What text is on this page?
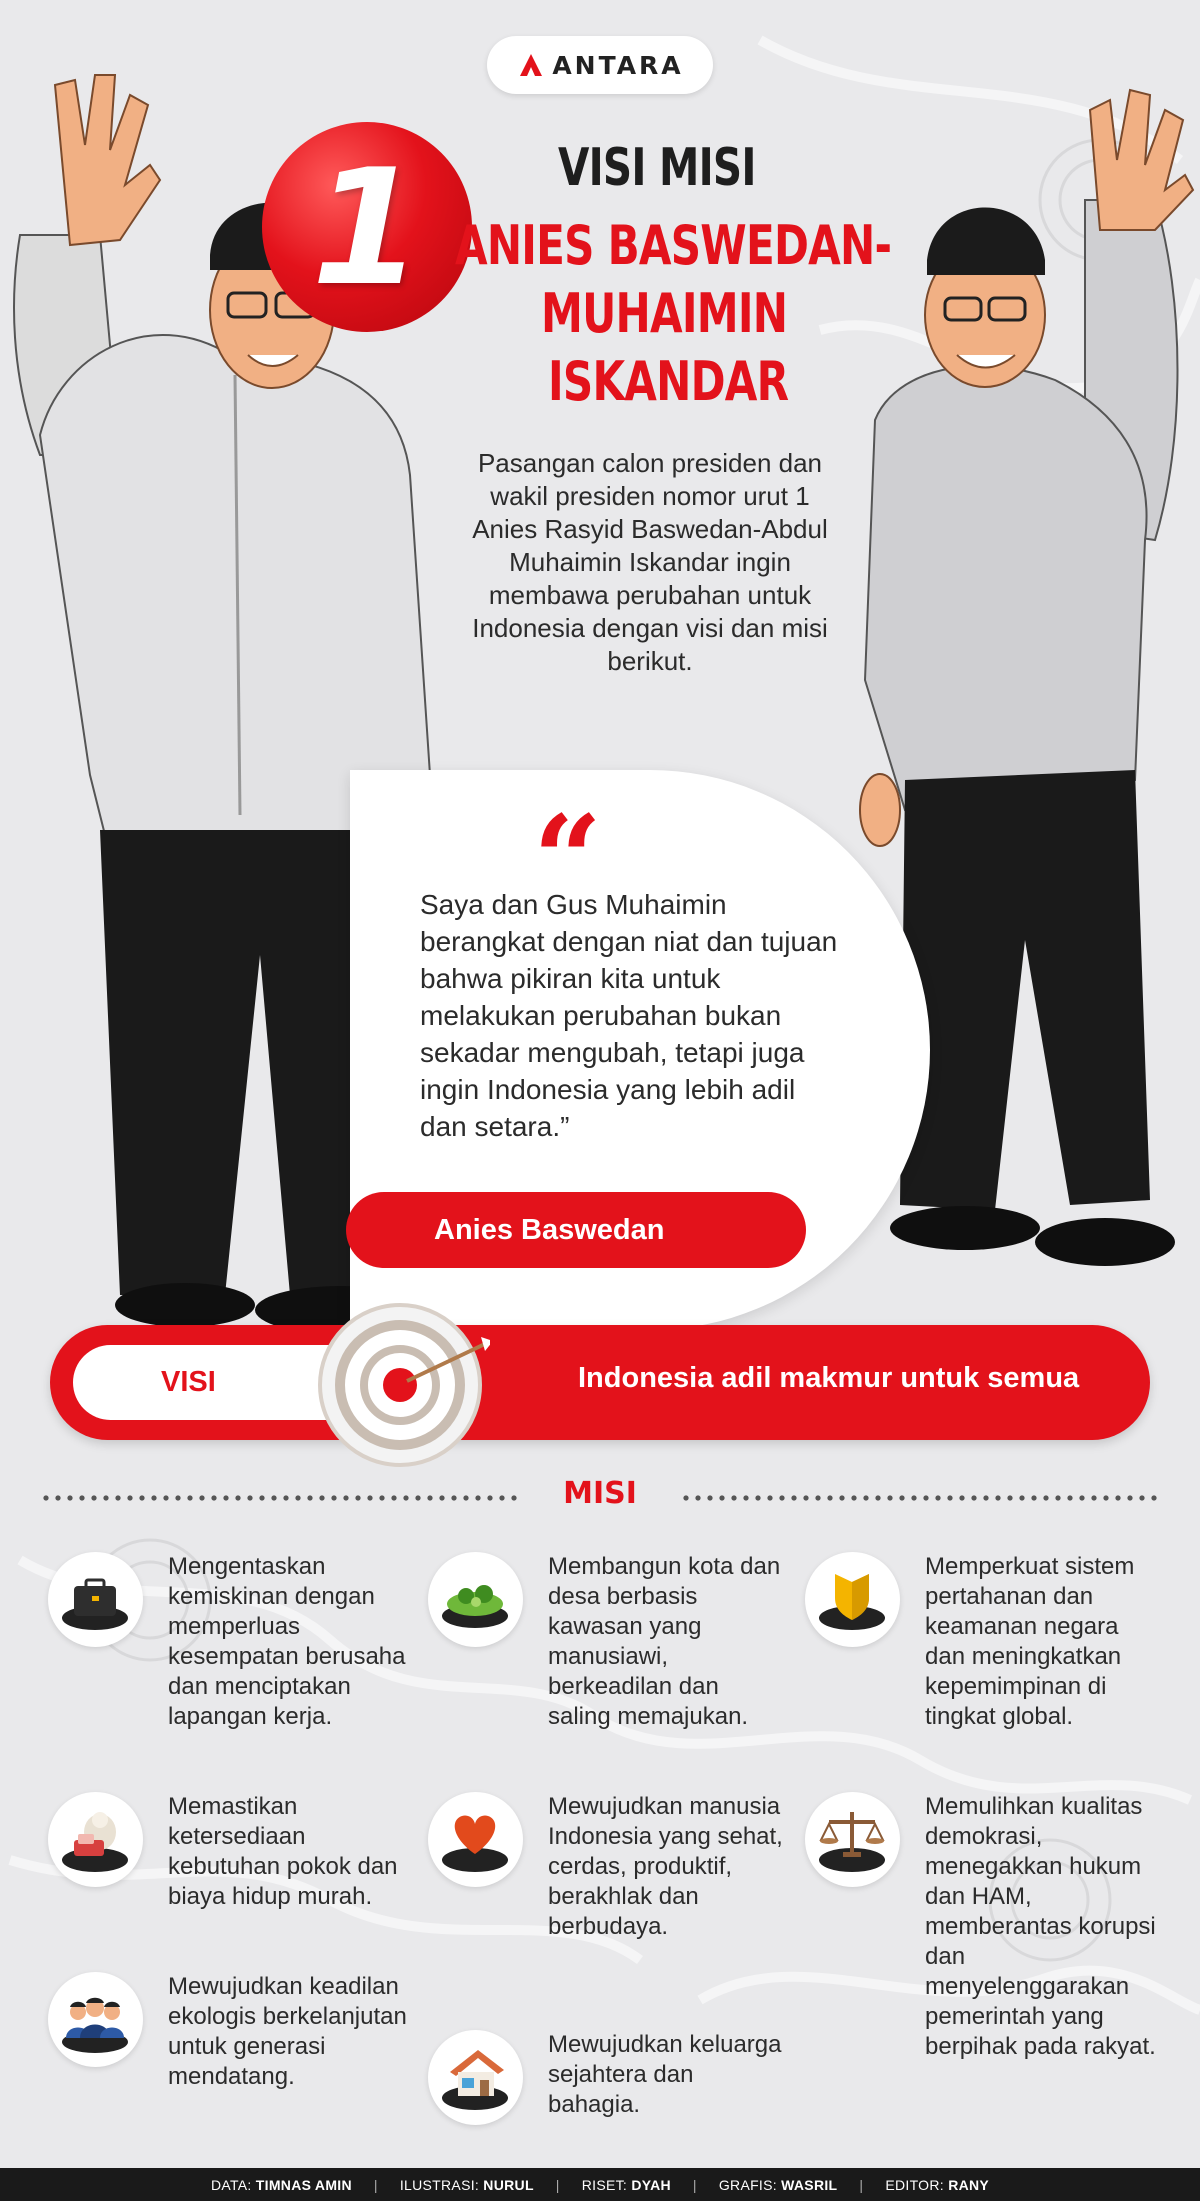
ANTARA
1	VISI MISI
ANIES BASWEDAN-
MUHAIMIN
ISKANDAR

Pasangan calon presiden dan wakil presiden nomor urut 1 Anies Rasyid Baswedan-Abdul Muhaimin Iskandar ingin membawa perubahan untuk Indonesia dengan visi dan misi berikut.

“

Saya dan Gus Muhaimin berangkat dengan niat dan tujuan bahwa pikiran kita untuk melakukan perubahan bukan sekadar mengubah, tetapi juga ingin Indonesia yang lebih adil dan setara.”

Anies Baswedan
VISI	Indonesia adil makmur untuk semua
MISI

Mengentaskan kemiskinan dengan memperluas kesempatan berusaha dan menciptakan lapangan kerja.

Membangun kota dan desa berbasis kawasan yang manusiawi, berkeadilan dan saling memajukan.

Memperkuat sistem pertahanan dan keamanan negara dan meningkatkan kepemimpinan di tingkat global.

Memastikan ketersediaan kebutuhan pokok dan biaya hidup murah.

Mewujudkan manusia Indonesia yang sehat, cerdas, produktif, berakhlak dan berbudaya.

Memulihkan kualitas demokrasi, menegakkan hukum dan HAM, memberantas korupsi dan menyelenggarakan pemerintah yang berpihak pada rakyat.

Mewujudkan keadilan ekologis berkelanjutan untuk generasi mendatang.

Mewujudkan keluarga sejahtera dan bahagia.

DATA: TIMNAS AMIN | ILUSTRASI: NURUL | RISET: DYAH | GRAFIS: WASRIL | EDITOR: RANY
